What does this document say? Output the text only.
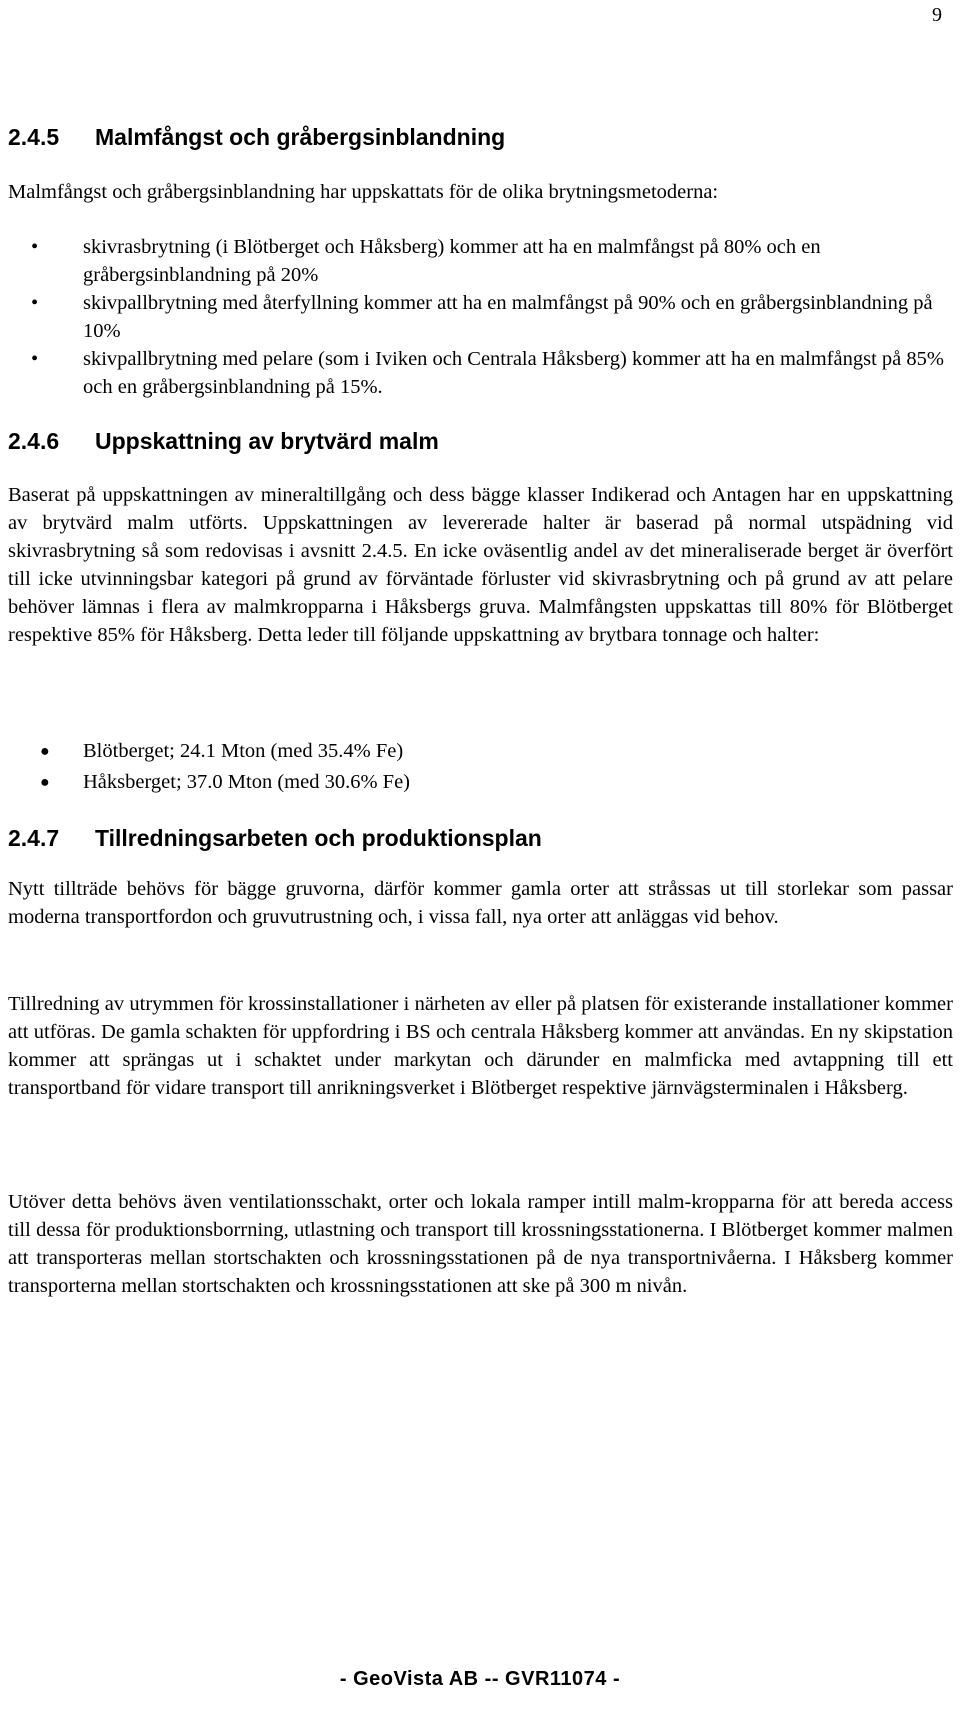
9
2.4.5 Malmfångst och gråbergsinblandning

Malmfångst och gråbergsinblandning har uppskattats för de olika brytningsmetoderna:

• skivrasbrytning (i Blötberget och Håksberg) kommer att ha en malmfångst på 80% och en gråbergsinblandning på 20%
• skivpallbrytning med återfyllning kommer att ha en malmfångst på 90% och en gråbergsinblandning på 10%
• skivpallbrytning med pelare (som i Iviken och Centrala Håksberg) kommer att ha en malmfångst på 85% och en gråbergsinblandning på 15%.
2.4.6 Uppskattning av brytvärd malm

Baserat på uppskattningen av mineraltillgång och dess bägge klasser Indikerad och Antagen har en uppskattning av brytvärd malm utförts. Uppskattningen av levererade halter är baserad på normal utspädning vid skivrasbrytning så som redovisas i avsnitt 2.4.5. En icke oväsentlig andel av det mineraliserade berget är överfört till icke utvinningsbar kategori på grund av förväntade förluster vid skivrasbrytning och på grund av att pelare behöver lämnas i flera av malmkropparna i Håksbergs gruva. Malmfångsten uppskattas till 80% för Blötberget respektive 85% för Håksberg. Detta leder till följande uppskattning av brytbara tonnage och halter:

● Blötberget; 24.1 Mton (med 35.4% Fe)
● Håksberget; 37.0 Mton (med 30.6% Fe)
2.4.7 Tillredningsarbeten och produktionsplan

Nytt tillträde behövs för bägge gruvorna, därför kommer gamla orter att stråssas ut till storlekar som passar moderna transportfordon och gruvutrustning och, i vissa fall, nya orter att anläggas vid behov.

Tillredning av utrymmen för krossinstallationer i närheten av eller på platsen för existerande installationer kommer att utföras. De gamla schakten för uppfordring i BS och centrala Håksberg kommer att användas. En ny skipstation kommer att sprängas ut i schaktet under markytan och därunder en malmficka med avtappning till ett transportband för vidare transport till anrikningsverket i Blötberget respektive järnvägsterminalen i Håksberg.

Utöver detta behövs även ventilationsschakt, orter och lokala ramper intill malm-kropparna för att bereda access till dessa för produktionsborrning, utlastning och transport till krossningsstationerna. I Blötberget kommer malmen att transporteras mellan stortschakten och krossningsstationen på de nya transportnivåerna. I Håksberg kommer transporterna mellan stortschakten och krossningsstationen att ske på 300 m nivån.

- GeoVista AB -- GVR11074 -
